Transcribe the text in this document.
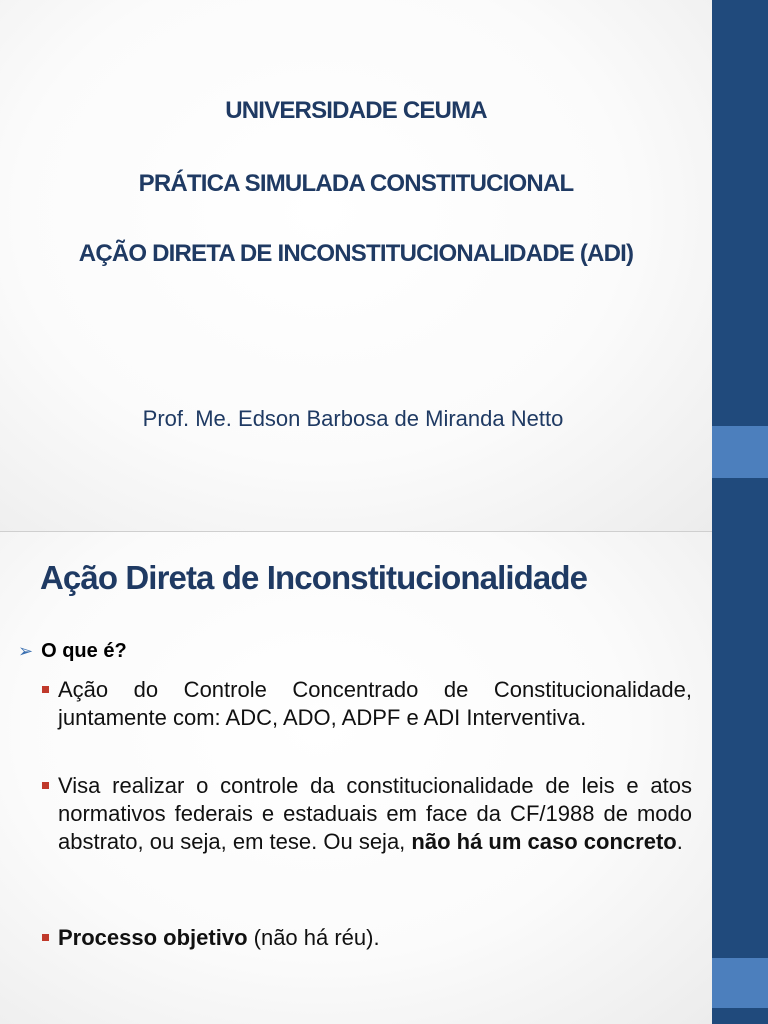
UNIVERSIDADE CEUMA
PRÁTICA SIMULADA CONSTITUCIONAL
AÇÃO DIRETA DE INCONSTITUCIONALIDADE (ADI)
Prof. Me. Edson Barbosa de Miranda Netto
Ação Direta de Inconstitucionalidade
➢ O que é?
Ação do Controle Concentrado de Constitucionalidade, juntamente com: ADC, ADO, ADPF e ADI Interventiva.
Visa realizar o controle da constitucionalidade de leis e atos normativos federais e estaduais em face da CF/1988 de modo abstrato, ou seja, em tese. Ou seja, não há um caso concreto.
Processo objetivo (não há réu).
